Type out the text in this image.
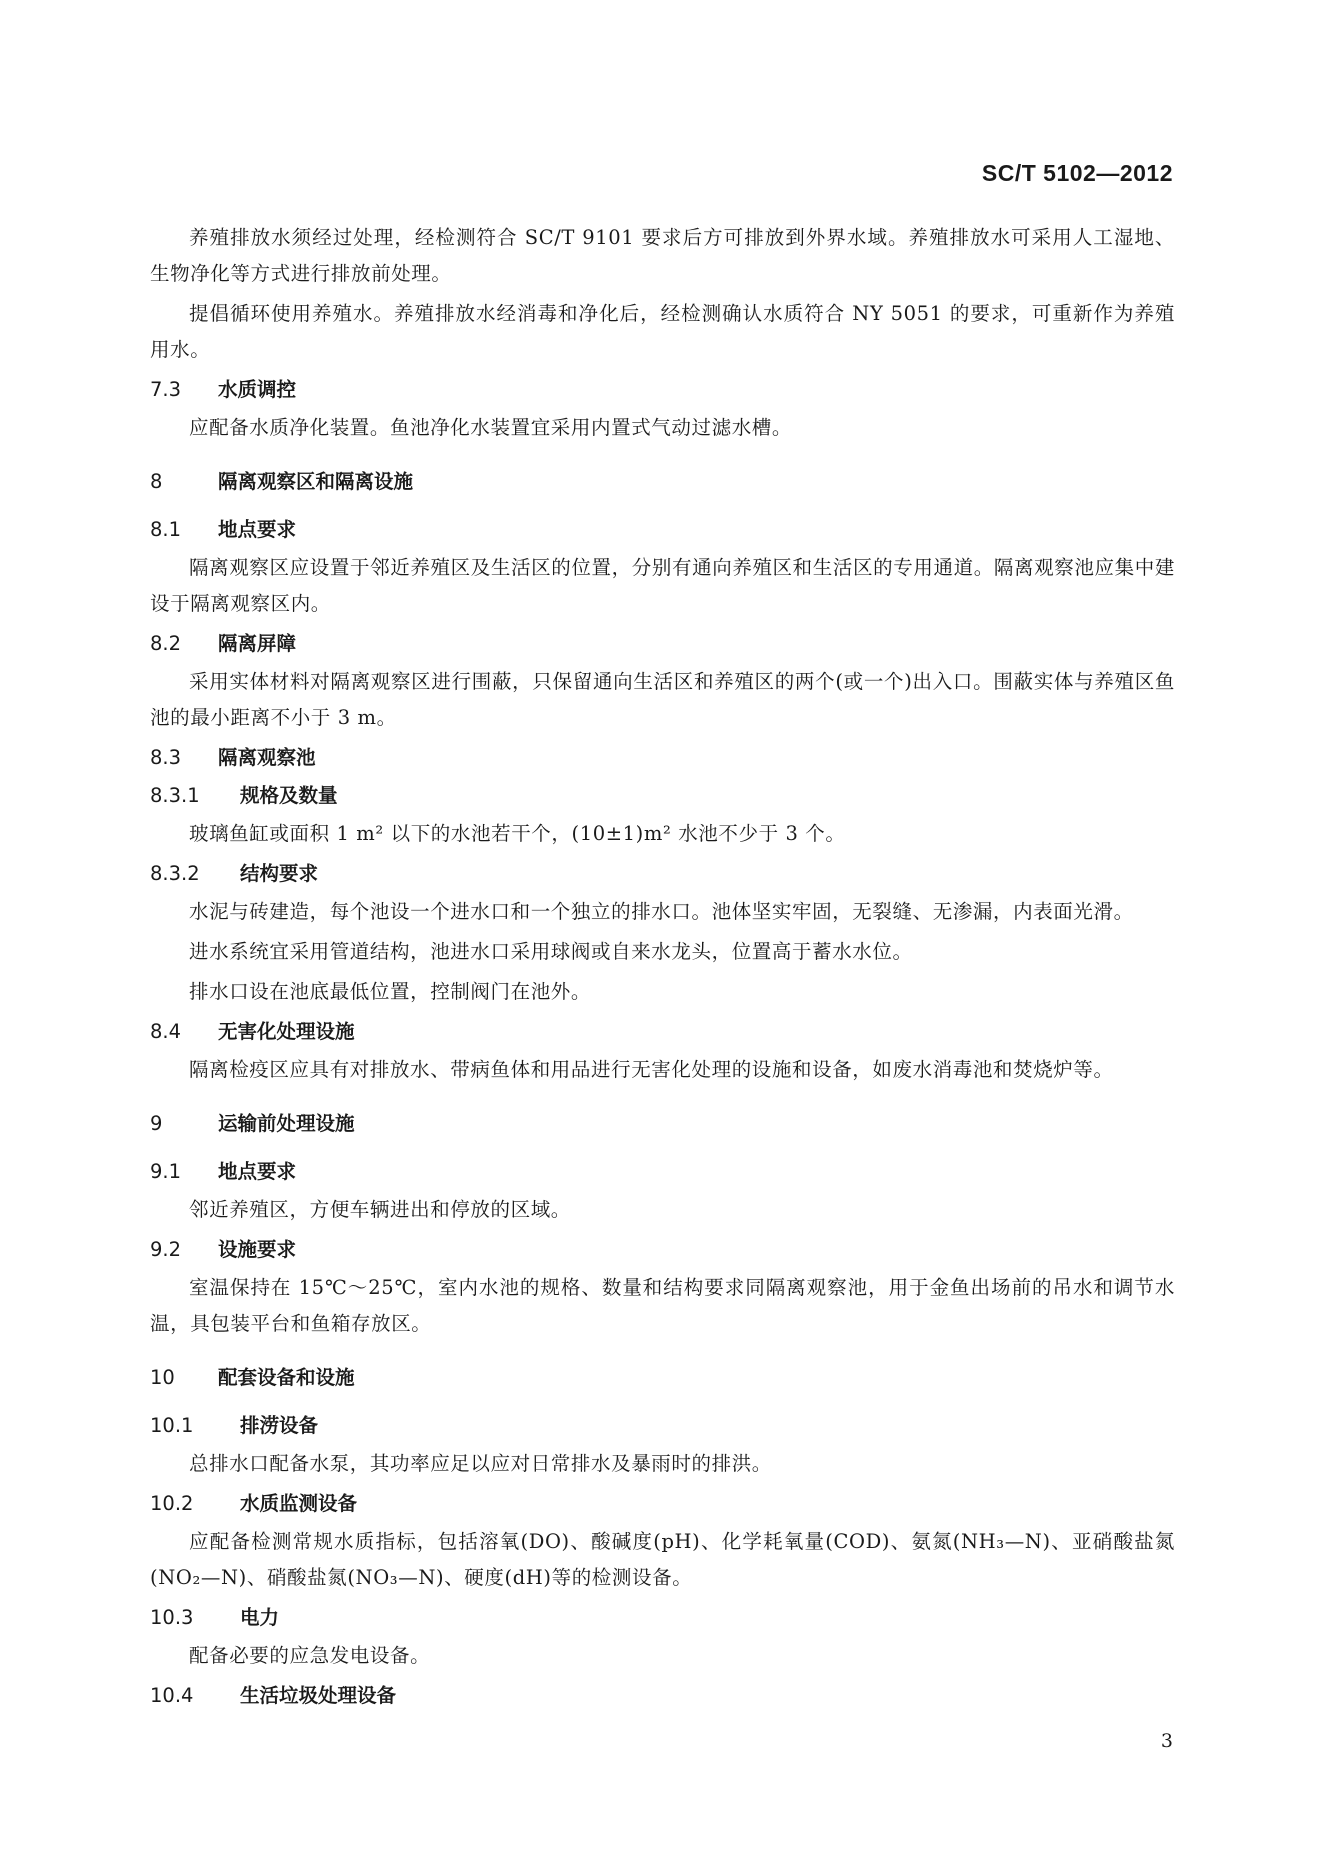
SC/T 5102—2012

养殖排放水须经过处理，经检测符合 SC/T 9101 要求后方可排放到外界水域。养殖排放水可采用人工湿地、生物净化等方式进行排放前处理。

提倡循环使用养殖水。养殖排放水经消毒和净化后，经检测确认水质符合 NY 5051 的要求，可重新作为养殖用水。

7.3 水质调控

应配备水质净化装置。鱼池净化水装置宜采用内置式气动过滤水槽。

8	隔离观察区和隔离设施
8.1 地点要求

隔离观察区应设置于邻近养殖区及生活区的位置，分别有通向养殖区和生活区的专用通道。隔离观察池应集中建设于隔离观察区内。

8.2 隔离屏障

采用实体材料对隔离观察区进行围蔽，只保留通向生活区和养殖区的两个(或一个)出入口。围蔽实体与养殖区鱼池的最小距离不小于 3 m。

8.3 隔离观察池
8.3.1 规格及数量

玻璃鱼缸或面积 1 m² 以下的水池若干个，(10±1)m² 水池不少于 3 个。

8.3.2 结构要求

水泥与砖建造，每个池设一个进水口和一个独立的排水口。池体坚实牢固，无裂缝、无渗漏，内表面光滑。

进水系统宜采用管道结构，池进水口采用球阀或自来水龙头，位置高于蓄水水位。

排水口设在池底最低位置，控制阀门在池外。

8.4 无害化处理设施

隔离检疫区应具有对排放水、带病鱼体和用品进行无害化处理的设施和设备，如废水消毒池和焚烧炉等。

9	运输前处理设施
9.1 地点要求

邻近养殖区，方便车辆进出和停放的区域。

9.2 设施要求

室温保持在 15℃～25℃，室内水池的规格、数量和结构要求同隔离观察池，用于金鱼出场前的吊水和调节水温，具包装平台和鱼箱存放区。

10 配套设备和设施
10.1 排涝设备

总排水口配备水泵，其功率应足以应对日常排水及暴雨时的排洪。

10.2 水质监测设备

应配备检测常规水质指标，包括溶氧(DO)、酸碱度(pH)、化学耗氧量(COD)、氨氮(NH₃—N)、亚硝酸盐氮(NO₂—N)、硝酸盐氮(NO₃—N)、硬度(dH)等的检测设备。

10.3 电力

配备必要的应急发电设备。

10.4 生活垃圾处理设备
3
